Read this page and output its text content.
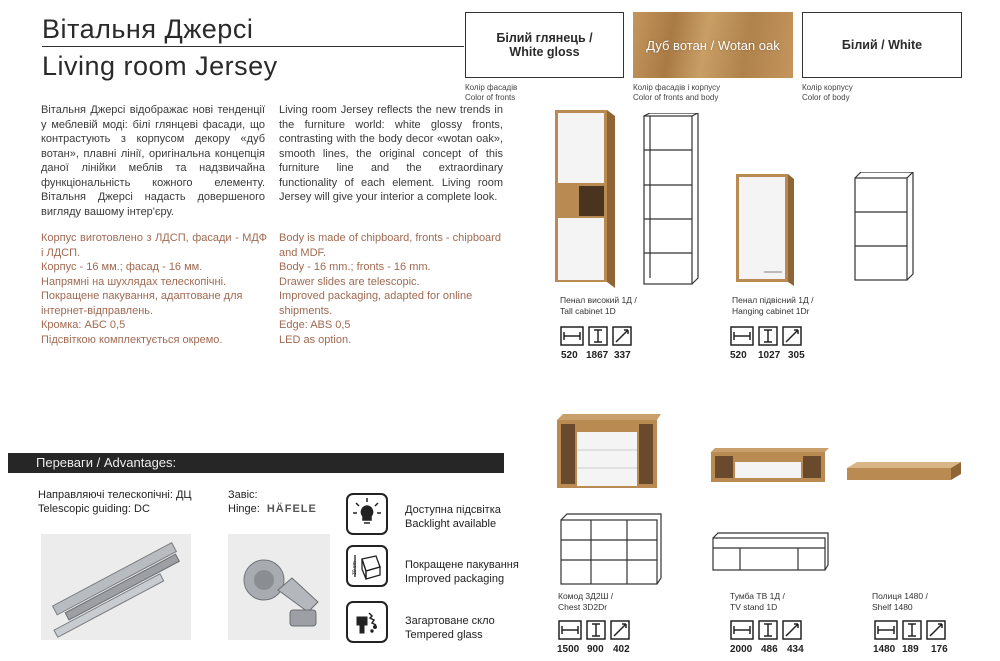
Вітальня Джерсі
Living room Jersey
Білий глянець /
White gloss
Колір фасадів
Color of fronts
Дуб вотан / Wotan oak
Колір фасадів і корпусу
Color of fronts and body
Білий / White
Колір корпусу
Color of body
Вітальня Джерсі відображає нові тенденції у меблевій моді: білі глянцеві фасади, що контрастують з корпусом декору «дуб вотан», плавні лінії, оригінальна концепція даної лінійки меблів та надзвичайна функціональність кожного елементу. Вітальня Джерсі надасть довершеного вигляду вашому інтер'єру.
Living room Jersey reflects the new trends in the furniture world: white glossy fronts, contrasting with the body decor «wotan oak», smooth lines, the original concept of this furniture line and the extraordinary functionality of each element. Living room Jersey will give your interior a complete look.
Корпус виготовлено з ЛДСП, фасади - МДФ і ЛДСП.
Корпус - 16 мм.; фасад - 16 мм.
Напрямні на шухлядах телескопічні.
Покращене пакування, адаптоване для інтернет-відправлень.
Кромка: АБС 0,5
Підсвіткою комплектується окремо.
Body is made of chipboard, fronts - chipboard and MDF.
Body - 16 mm.; fronts - 16 mm.
Drawer slides are telescopic.
Improved packaging, adapted for online shipments.
Edge: ABS 0,5
LED as option.
Пенал високий 1Д /
Tall cabinet 1D
Пенал підвісний 1Д /
Hanging cabinet 1Dr
Комод 3Д2Ш /
Chest 3D2Dr
Тумба ТВ 1Д /
TV stand 1D
Полиця 1480 /
Shelf 1480
520 1867 337	520 1027 305
1500 900 402	2000 486 434	1480 189 176
Переваги / Advantages:
Направляючі телескопічні: ДЦ
Telescopic guiding: DC
Завіс:
Hinge: HÄFELE	Доступна підсвітка
Backlight available
30 cm	Покращене пакування
Improved packaging
Загартоване скло
Tempered glass
